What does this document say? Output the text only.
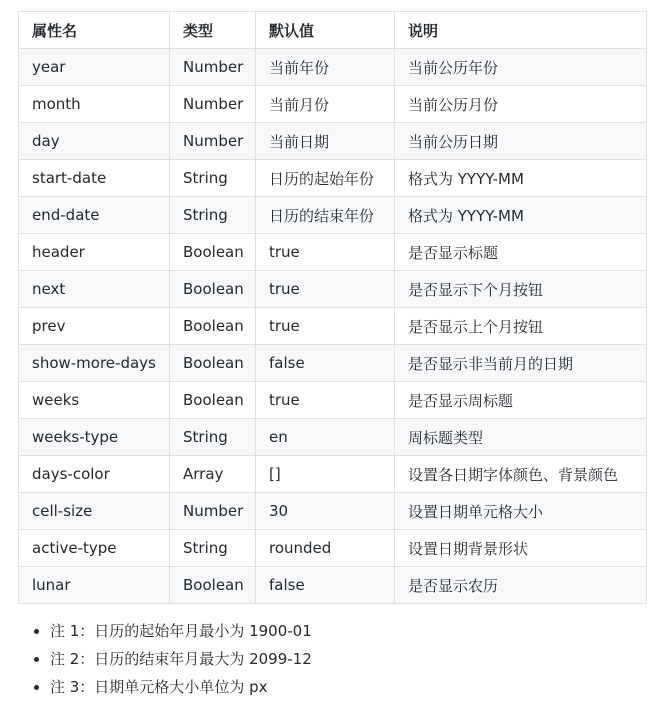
属性名	类型	默认值	说明
year	Number	当前年份	当前公历年份
month	Number	当前月份	当前公历月份
day	Number	当前日期	当前公历日期
start-date	String	日历的起始年份	格式为 YYYY-MM
end-date	String	日历的结束年份	格式为 YYYY-MM
header	Boolean	true	是否显示标题
next	Boolean	true	是否显示下个月按钮
prev	Boolean	true	是否显示上个月按钮
show-more-days	Boolean	false	是否显示非当前月的日期
weeks	Boolean	true	是否显示周标题
weeks-type	String	en	周标题类型
days-color	Array	[]	设置各日期字体颜色、背景颜色
cell-size	Number	30	设置日期单元格大小
active-type	String	rounded	设置日期背景形状
lunar	Boolean	false	是否显示农历
• 注 1：日历的起始年月最小为 1900-01
• 注 2：日历的结束年月最大为 2099-12
• 注 3：日期单元格大小单位为 px
